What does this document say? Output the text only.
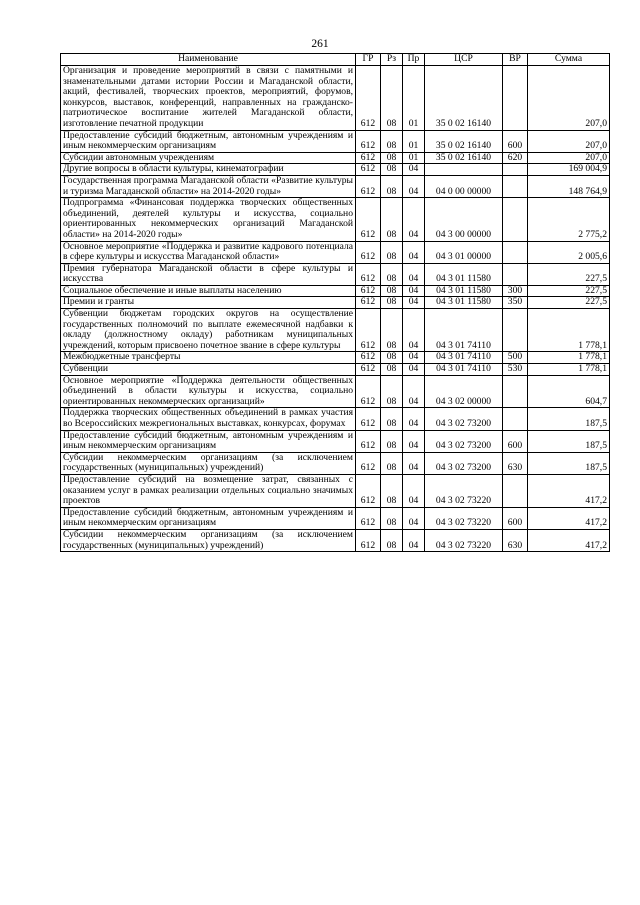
261
Наименование	ГР	Рз	Пр	ЦСР	ВР	Сумма
Организация и проведение мероприятий в связи с памятными и знаменательными датами истории России и Магаданской области, акций, фестивалей, творческих проектов, мероприятий, форумов, конкурсов, выставок, конференций, направленных на гражданско-патриотическое воспитание жителей Магаданской области, изготовление печатной продукции	612	08	01	35 0 02 16140		207,0
Предоставление субсидий бюджетным, автономным учреждениям и иным некоммерческим организациям	612	08	01	35 0 02 16140	600	207,0
Субсидии автономным учреждениям	612	08	01	35 0 02 16140	620	207,0
Другие вопросы в области культуры, кинематографии	612	08	04			169 004,9
Государственная программа Магаданской области «Развитие культуры и туризма Магаданской области» на 2014-2020 годы»	612	08	04	04 0 00 00000		148 764,9
Подпрограмма «Финансовая поддержка творческих общественных объединений, деятелей культуры и искусства, социально ориентированных некоммерческих организаций Магаданской области» на 2014-2020 годы»	612	08	04	04 3 00 00000		2 775,2
Основное мероприятие «Поддержка и развитие кадрового потенциала в сфере культуры и искусства Магаданской области»	612	08	04	04 3 01 00000		2 005,6
Премия губернатора Магаданской области в сфере культуры и искусства	612	08	04	04 3 01 11580		227,5
Социальное обеспечение и иные выплаты населению	612	08	04	04 3 01 11580	300	227,5
Премии и гранты	612	08	04	04 3 01 11580	350	227,5
Субвенции бюджетам городских округов на осуществление государственных полномочий по выплате ежемесячной надбавки к окладу (должностному окладу) работникам муниципальных учреждений, которым присвоено почетное звание в сфере культуры	612	08	04	04 3 01 74110		1 778,1
Межбюджетные трансферты	612	08	04	04 3 01 74110	500	1 778,1
Субвенции	612	08	04	04 3 01 74110	530	1 778,1
Основное мероприятие «Поддержка деятельности общественных объединений в области культуры и искусства, социально ориентированных некоммерческих организаций»	612	08	04	04 3 02 00000		604,7
Поддержка творческих общественных объединений в рамках участия во Всероссийских межрегиональных выставках, конкурсах, форумах	612	08	04	04 3 02 73200		187,5
Предоставление субсидий бюджетным, автономным учреждениям и иным некоммерческим организациям	612	08	04	04 3 02 73200	600	187,5
Субсидии некоммерческим организациям (за исключением государственных (муниципальных) учреждений)	612	08	04	04 3 02 73200	630	187,5
Предоставление субсидий на возмещение затрат, связанных с оказанием услуг в рамках реализации отдельных социально значимых проектов	612	08	04	04 3 02 73220		417,2
Предоставление субсидий бюджетным, автономным учреждениям и иным некоммерческим организациям	612	08	04	04 3 02 73220	600	417,2
Субсидии некоммерческим организациям (за исключением государственных (муниципальных) учреждений)	612	08	04	04 3 02 73220	630	417,2
